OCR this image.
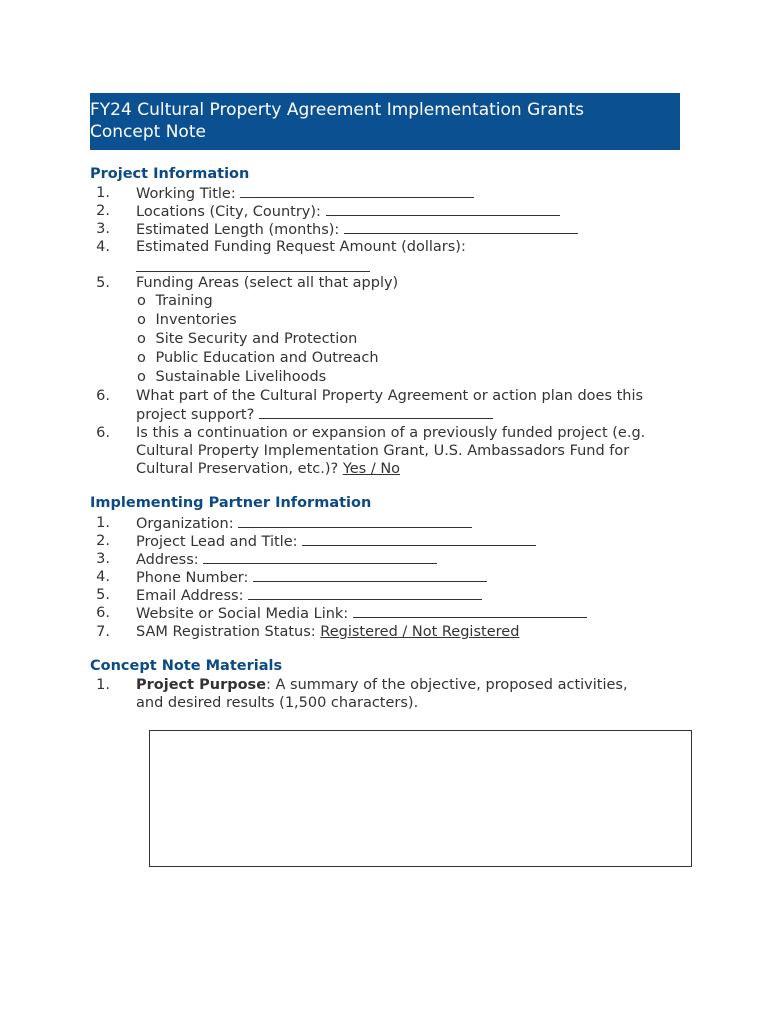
FY24 Cultural Property Agreement Implementation Grants
Concept Note
Project Information
1. Working Title:
2. Locations (City, Country):
3. Estimated Length (months):
4. Estimated Funding Request Amount (dollars):
5. Funding Areas (select all that apply)
o Training
o Inventories
o Site Security and Protection
o Public Education and Outreach
o Sustainable Livelihoods
6. What part of the Cultural Property Agreement or action plan does this
project support?
6. Is this a continuation or expansion of a previously funded project (e.g.
Cultural Property Implementation Grant, U.S. Ambassadors Fund for
Cultural Preservation, etc.)? Yes / No
Implementing Partner Information
1. Organization:
2. Project Lead and Title:
3. Address:
4. Phone Number:
5. Email Address:
6. Website or Social Media Link:
7. SAM Registration Status: Registered / Not Registered
Concept Note Materials
1. Project Purpose: A summary of the objective, proposed activities,
and desired results (1,500 characters).
